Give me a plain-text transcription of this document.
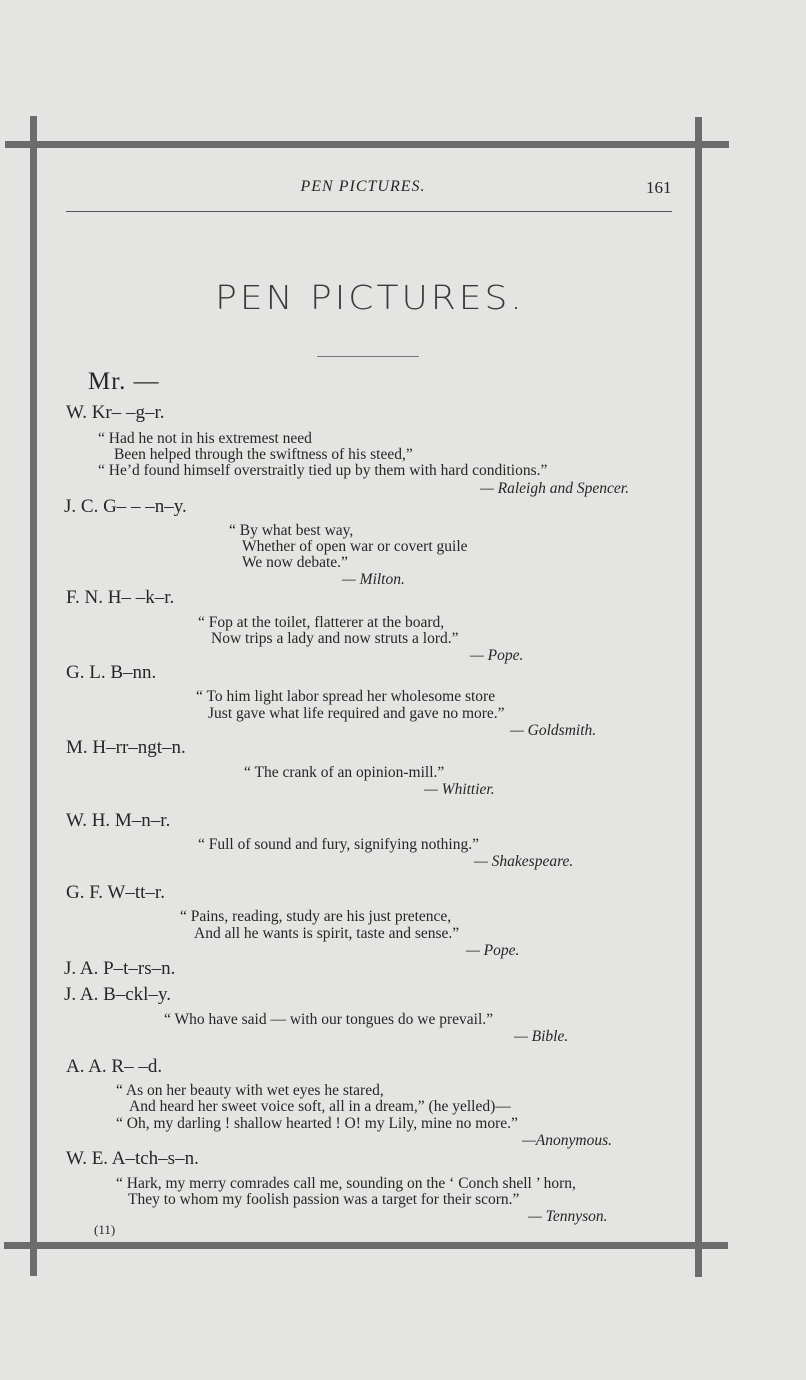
PEN PICTURES.	161
PEN PICTURES.
Mr. —
W. Kr– –g–r.
“ Had he not in his extremest need
Been helped through the swiftness of his steed,”
“ He’d found himself overstraitly tied up by them with hard conditions.”
— Raleigh and Spencer.
J. C. G– – –n–y.
“ By what best way,
Whether of open war or covert guile
We now debate.”
— Milton.
F. N. H– –k–r.
“ Fop at the toilet, flatterer at the board,
Now trips a lady and now struts a lord.”
— Pope.
G. L. B–nn.
“ To him light labor spread her wholesome store
Just gave what life required and gave no more.”
— Goldsmith.
M. H–rr–ngt–n.
“ The crank of an opinion-mill.”
— Whittier.
W. H. M–n–r.
“ Full of sound and fury, signifying nothing.”
— Shakespeare.
G. F. W–tt–r.
“ Pains, reading, study are his just pretence,
And all he wants is spirit, taste and sense.”
— Pope.
J. A. P–t–rs–n.
J. A. B–ckl–y.
“ Who have said — with our tongues do we prevail.”
— Bible.
A. A. R– –d.
“ As on her beauty with wet eyes he stared,
And heard her sweet voice soft, all in a dream,” (he yelled)—
“ Oh, my darling ! shallow hearted ! O! my Lily, mine no more.”
—Anonymous.
W. E. A–tch–s–n.
“ Hark, my merry comrades call me, sounding on the ‘ Conch shell ’ horn,
They to whom my foolish passion was a target for their scorn.”
— Tennyson.
(11)
